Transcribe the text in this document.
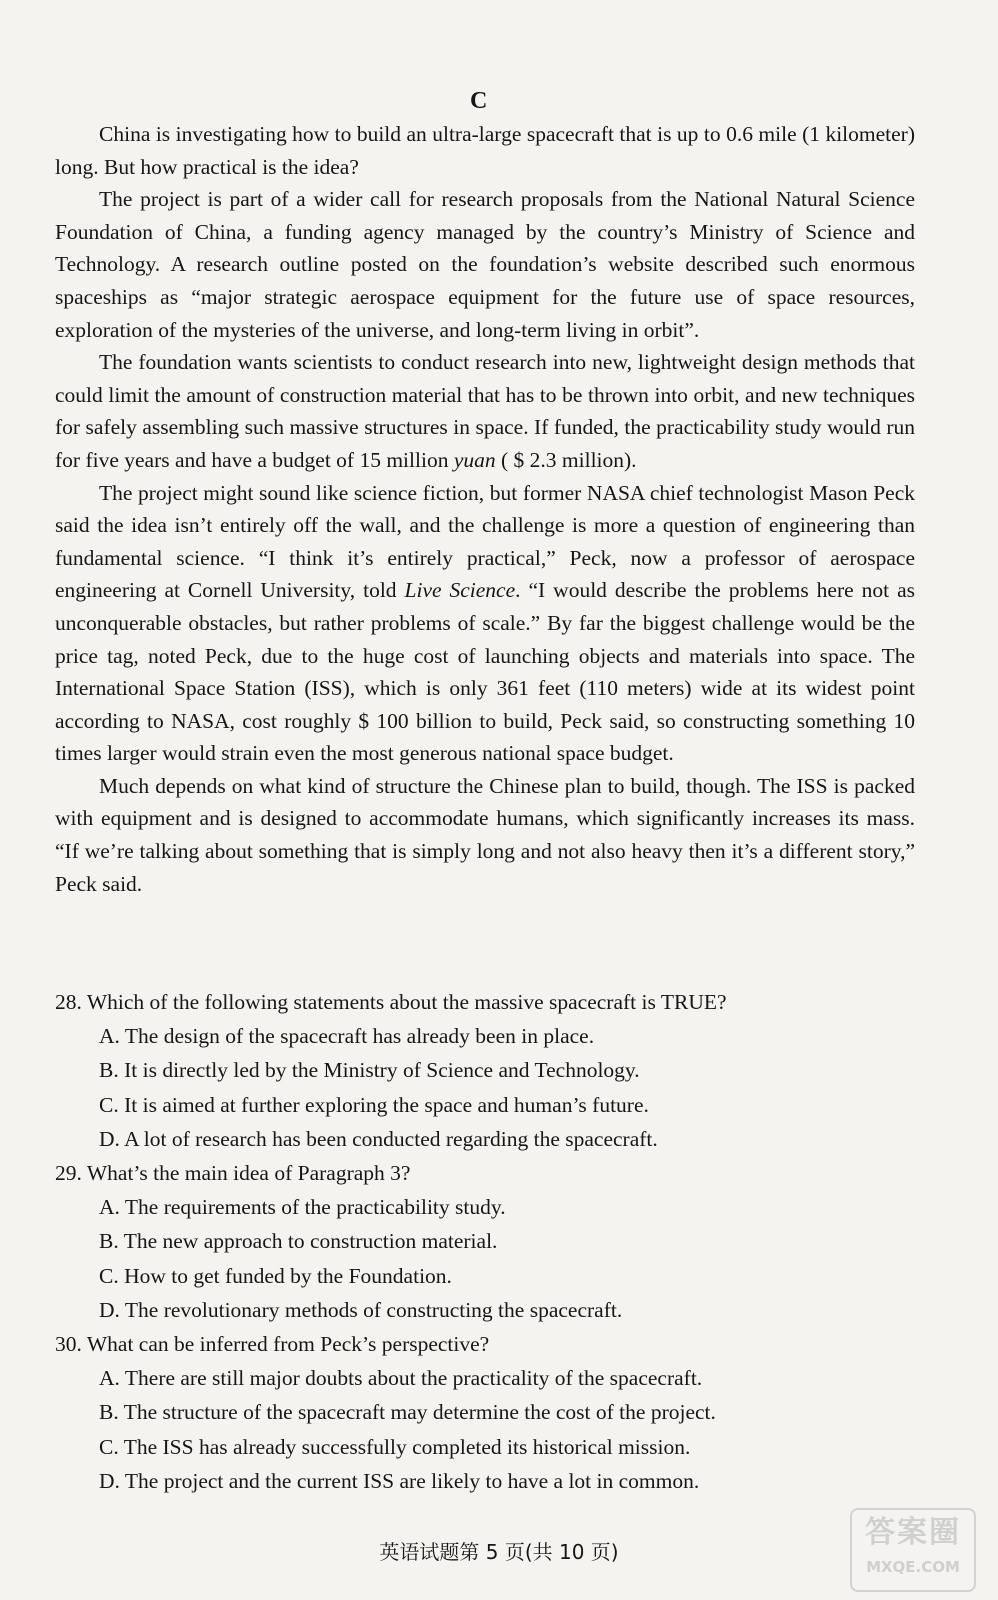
C

China is investigating how to build an ultra-large spacecraft that is up to 0.6 mile (1 kilometer) long. But how practical is the idea?

The project is part of a wider call for research proposals from the National Natural Science Foundation of China, a funding agency managed by the country’s Ministry of Science and Technology. A research outline posted on the foundation’s website described such enormous spaceships as “major strategic aerospace equipment for the future use of space resources, exploration of the mysteries of the universe, and long-term living in orbit”.

The foundation wants scientists to conduct research into new, lightweight design methods that could limit the amount of construction material that has to be thrown into orbit, and new techniques for safely assembling such massive structures in space. If funded, the practicability study would run for five years and have a budget of 15 million yuan ( $ 2.3 million).

The project might sound like science fiction, but former NASA chief technologist Mason Peck said the idea isn’t entirely off the wall, and the challenge is more a question of engineering than fundamental science. “I think it’s entirely practical,” Peck, now a professor of aerospace engineering at Cornell University, told Live Science. “I would describe the problems here not as unconquerable obstacles, but rather problems of scale.” By far the biggest challenge would be the price tag, noted Peck, due to the huge cost of launching objects and materials into space. The International Space Station (ISS), which is only 361 feet (110 meters) wide at its widest point according to NASA, cost roughly $ 100 billion to build, Peck said, so constructing something 10 times larger would strain even the most generous national space budget.

Much depends on what kind of structure the Chinese plan to build, though. The ISS is packed with equipment and is designed to accommodate humans, which significantly increases its mass. “If we’re talking about something that is simply long and not also heavy then it’s a different story,” Peck said.

28. Which of the following statements about the massive spacecraft is TRUE?

A. The design of the spacecraft has already been in place.
B. It is directly led by the Ministry of Science and Technology.
C. It is aimed at further exploring the space and human’s future.
D. A lot of research has been conducted regarding the spacecraft.

29. What’s the main idea of Paragraph 3?

A. The requirements of the practicability study.
B. The new approach to construction material.
C. How to get funded by the Foundation.
D. The revolutionary methods of constructing the spacecraft.

30. What can be inferred from Peck’s perspective?

A. There are still major doubts about the practicality of the spacecraft.
B. The structure of the spacecraft may determine the cost of the project.
C. The ISS has already successfully completed its historical mission.
D. The project and the current ISS are likely to have a lot in common.
英语试题第 5 页(共 10 页)
答案圈
MXQE.COM
